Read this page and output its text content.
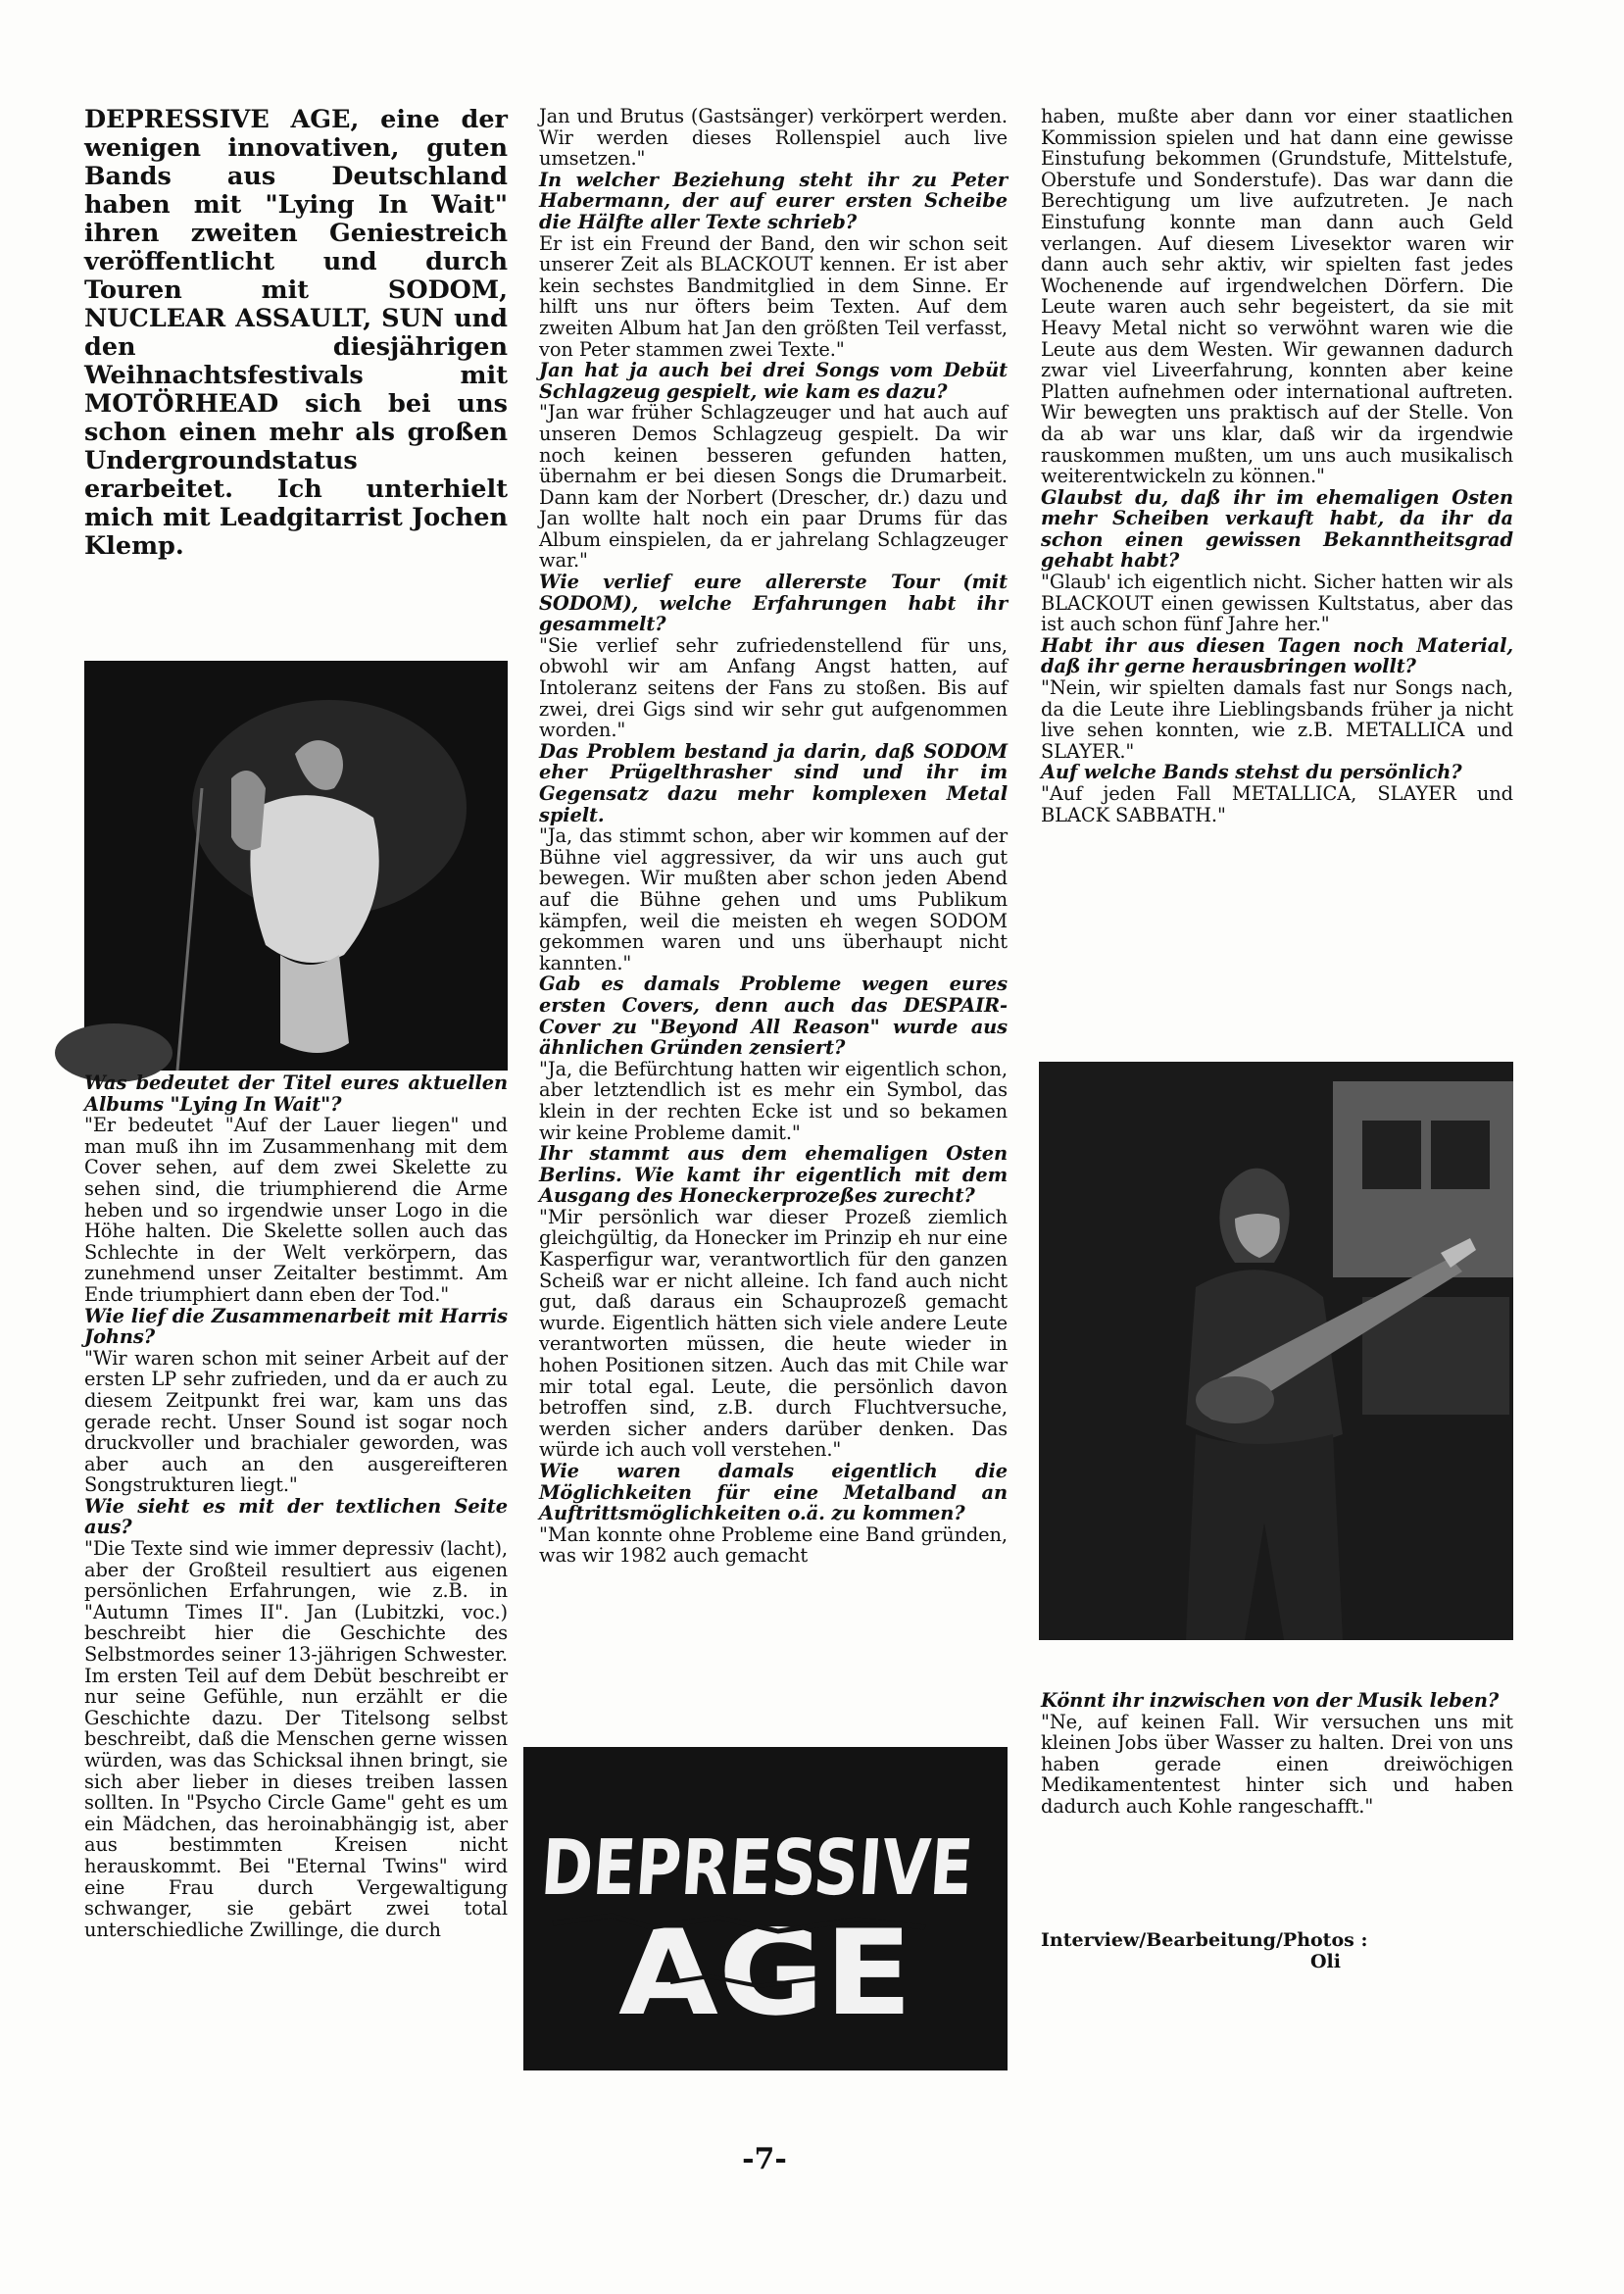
DEPRESSIVE AGE, eine der wenigen innovativen, guten Bands aus Deutschland haben mit "Lying In Wait" ihren zweiten Geniestreich veröffentlicht und durch Touren mit SODOM, NUCLEAR ASSAULT, SUN und den diesjährigen Weihnachtsfestivals mit MOTÖRHEAD sich bei uns schon einen mehr als großen Undergroundstatus erarbeitet. Ich unterhielt mich mit Leadgitarrist Jochen Klemp.

Was bedeutet der Titel eures aktuellen Albums "Lying In Wait"?
"Er bedeutet "Auf der Lauer liegen" und man muß ihn im Zusammenhang mit dem Cover sehen, auf dem zwei Skelette zu sehen sind, die triumphierend die Arme heben und so irgendwie unser Logo in die Höhe halten. Die Skelette sollen auch das Schlechte in der Welt verkörpern, das zunehmend unser Zeitalter bestimmt. Am Ende triumphiert dann eben der Tod."
Wie lief die Zusammenarbeit mit Harris Johns?
"Wir waren schon mit seiner Arbeit auf der ersten LP sehr zufrieden, und da er auch zu diesem Zeitpunkt frei war, kam uns das gerade recht. Unser Sound ist sogar noch druckvoller und brachialer geworden, was aber auch an den ausgereifteren Songstrukturen liegt."
Wie sieht es mit der textlichen Seite aus?
"Die Texte sind wie immer depressiv (lacht), aber der Großteil resultiert aus eigenen persönlichen Erfahrungen, wie z.B. in "Autumn Times II". Jan (Lubitzki, voc.) beschreibt hier die Geschichte des Selbstmordes seiner 13-jährigen Schwester. Im ersten Teil auf dem Debüt beschreibt er nur seine Gefühle, nun erzählt er die Geschichte dazu. Der Titelsong selbst beschreibt, daß die Menschen gerne wissen würden, was das Schicksal ihnen bringt, sie sich aber lieber in dieses treiben lassen sollten. In "Psycho Circle Game" geht es um ein Mädchen, das heroinabhängig ist, aber aus bestimmten Kreisen nicht herauskommt. Bei "Eternal Twins" wird eine Frau durch Vergewaltigung schwanger, sie gebärt zwei total unterschiedliche Zwillinge, die durch
Jan und Brutus (Gastsänger) verkörpert werden. Wir werden dieses Rollenspiel auch live umsetzen."
In welcher Beziehung steht ihr zu Peter Habermann, der auf eurer ersten Scheibe die Hälfte aller Texte schrieb?
Er ist ein Freund der Band, den wir schon seit unserer Zeit als BLACKOUT kennen. Er ist aber kein sechstes Bandmitglied in dem Sinne. Er hilft uns nur öfters beim Texten. Auf dem zweiten Album hat Jan den größten Teil verfasst, von Peter stammen zwei Texte."
Jan hat ja auch bei drei Songs vom Debüt Schlagzeug gespielt, wie kam es dazu?
"Jan war früher Schlagzeuger und hat auch auf unseren Demos Schlagzeug gespielt. Da wir noch keinen besseren gefunden hatten, übernahm er bei diesen Songs die Drumarbeit. Dann kam der Norbert (Drescher, dr.) dazu und Jan wollte halt noch ein paar Drums für das Album einspielen, da er jahrelang Schlagzeuger war."
Wie verlief eure allererste Tour (mit SODOM), welche Erfahrungen habt ihr gesammelt?
"Sie verlief sehr zufriedenstellend für uns, obwohl wir am Anfang Angst hatten, auf Intoleranz seitens der Fans zu stoßen. Bis auf zwei, drei Gigs sind wir sehr gut aufgenommen worden."
Das Problem bestand ja darin, daß SODOM eher Prügelthrasher sind und ihr im Gegensatz dazu mehr komplexen Metal spielt.
"Ja, das stimmt schon, aber wir kommen auf der Bühne viel aggressiver, da wir uns auch gut bewegen. Wir mußten aber schon jeden Abend auf die Bühne gehen und ums Publikum kämpfen, weil die meisten eh wegen SODOM gekommen waren und uns überhaupt nicht kannten."
Gab es damals Probleme wegen eures ersten Covers, denn auch das DESPAIR-Cover zu "Beyond All Reason" wurde aus ähnlichen Gründen zensiert?
"Ja, die Befürchtung hatten wir eigentlich schon, aber letztendlich ist es mehr ein Symbol, das klein in der rechten Ecke ist und so bekamen wir keine Probleme damit."
Ihr stammt aus dem ehemaligen Osten Berlins. Wie kamt ihr eigentlich mit dem Ausgang des Honeckerprozeßes zurecht?
"Mir persönlich war dieser Prozeß ziemlich gleichgültig, da Honecker im Prinzip eh nur eine Kasperfigur war, verantwortlich für den ganzen Scheiß war er nicht alleine. Ich fand auch nicht gut, daß daraus ein Schauprozeß gemacht wurde. Eigentlich hätten sich viele andere Leute verantworten müssen, die heute wieder in hohen Positionen sitzen. Auch das mit Chile war mir total egal. Leute, die persönlich davon betroffen sind, z.B. durch Fluchtversuche, werden sicher anders darüber denken. Das würde ich auch voll verstehen."
Wie waren damals eigentlich die Möglichkeiten für eine Metalband an Auftrittsmöglichkeiten o.ä. zu kommen?
"Man konnte ohne Probleme eine Band gründen, was wir 1982 auch gemacht
DEPRESSIVE
AGE
haben, mußte aber dann vor einer staatlichen Kommission spielen und hat dann eine gewisse Einstufung bekommen (Grundstufe, Mittelstufe, Oberstufe und Sonderstufe). Das war dann die Berechtigung um live aufzutreten. Je nach Einstufung konnte man dann auch Geld verlangen. Auf diesem Livesektor waren wir dann auch sehr aktiv, wir spielten fast jedes Wochenende auf irgendwelchen Dörfern. Die Leute waren auch sehr begeistert, da sie mit Heavy Metal nicht so verwöhnt waren wie die Leute aus dem Westen. Wir gewannen dadurch zwar viel Liveerfahrung, konnten aber keine Platten aufnehmen oder international auftreten. Wir bewegten uns praktisch auf der Stelle. Von da ab war uns klar, daß wir da irgendwie rauskommen mußten, um uns auch musikalisch weiterentwickeln zu können."
Glaubst du, daß ihr im ehemaligen Osten mehr Scheiben verkauft habt, da ihr da schon einen gewissen Bekanntheitsgrad gehabt habt?
"Glaub' ich eigentlich nicht. Sicher hatten wir als BLACKOUT einen gewissen Kultstatus, aber das ist auch schon fünf Jahre her."
Habt ihr aus diesen Tagen noch Material, daß ihr gerne herausbringen wollt?
"Nein, wir spielten damals fast nur Songs nach, da die Leute ihre Lieblingsbands früher ja nicht live sehen konnten, wie z.B. METALLICA und SLAYER."
Auf welche Bands stehst du persönlich?
"Auf jeden Fall METALLICA, SLAYER und BLACK SABBATH."
Könnt ihr inzwischen von der Musik leben?
"Ne, auf keinen Fall. Wir versuchen uns mit kleinen Jobs über Wasser zu halten. Drei von uns haben gerade einen dreiwöchigen Medikamententest hinter sich und haben dadurch auch Kohle rangeschafft."

Interview/Bearbeitung/Photos :
Oli

-7-
